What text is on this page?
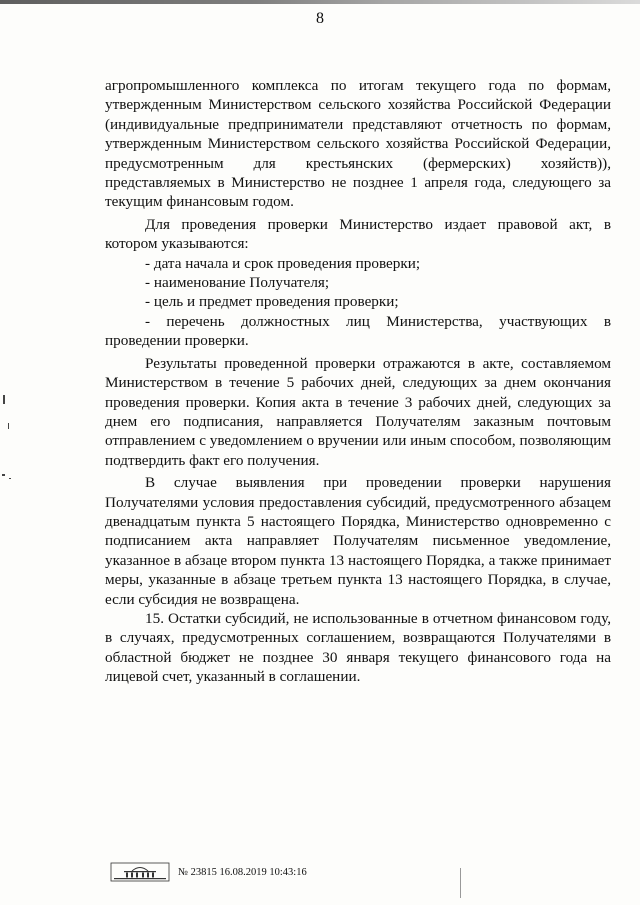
8

агропромышленного комплекса по итогам текущего года по формам, утвержденным Министерством сельского хозяйства Российской Федерации (индивидуальные предприниматели представляют отчетность по формам, утвержденным Министерством сельского хозяйства Российской Федерации, предусмотренным для крестьянских (фермерских) хозяйств)), представляемых в Министерство не позднее 1 апреля года, следующего за текущим финансовым годом.

Для проведения проверки Министерство издает правовой акт, в котором указываются:

- дата начала и срок проведения проверки;

- наименование Получателя;

- цель и предмет проведения проверки;

- перечень должностных лиц Министерства, участвующих в проведении проверки.

Результаты проведенной проверки отражаются в акте, составляемом Министерством в течение 5 рабочих дней, следующих за днем окончания проведения проверки. Копия акта в течение 3 рабочих дней, следующих за днем его подписания, направляется Получателям заказным почтовым отправлением с уведомлением о вручении или иным способом, позволяющим подтвердить факт его получения.

В случае выявления при проведении проверки нарушения Получателями условия предоставления субсидий, предусмотренного абзацем двенадцатым пункта 5 настоящего Порядка, Министерство одновременно с подписанием акта направляет Получателям письменное уведомление, указанное в абзаце втором пункта 13 настоящего Порядка, а также принимает меры, указанные в абзаце третьем пункта 13 настоящего Порядка, в случае, если субсидия не возвращена.

15. Остатки субсидий, не использованные в отчетном финансовом году, в случаях, предусмотренных соглашением, возвращаются Получателями в областной бюджет не позднее 30 января текущего финансового года на лицевой счет, указанный в соглашении.

№ 23815 16.08.2019 10:43:16
